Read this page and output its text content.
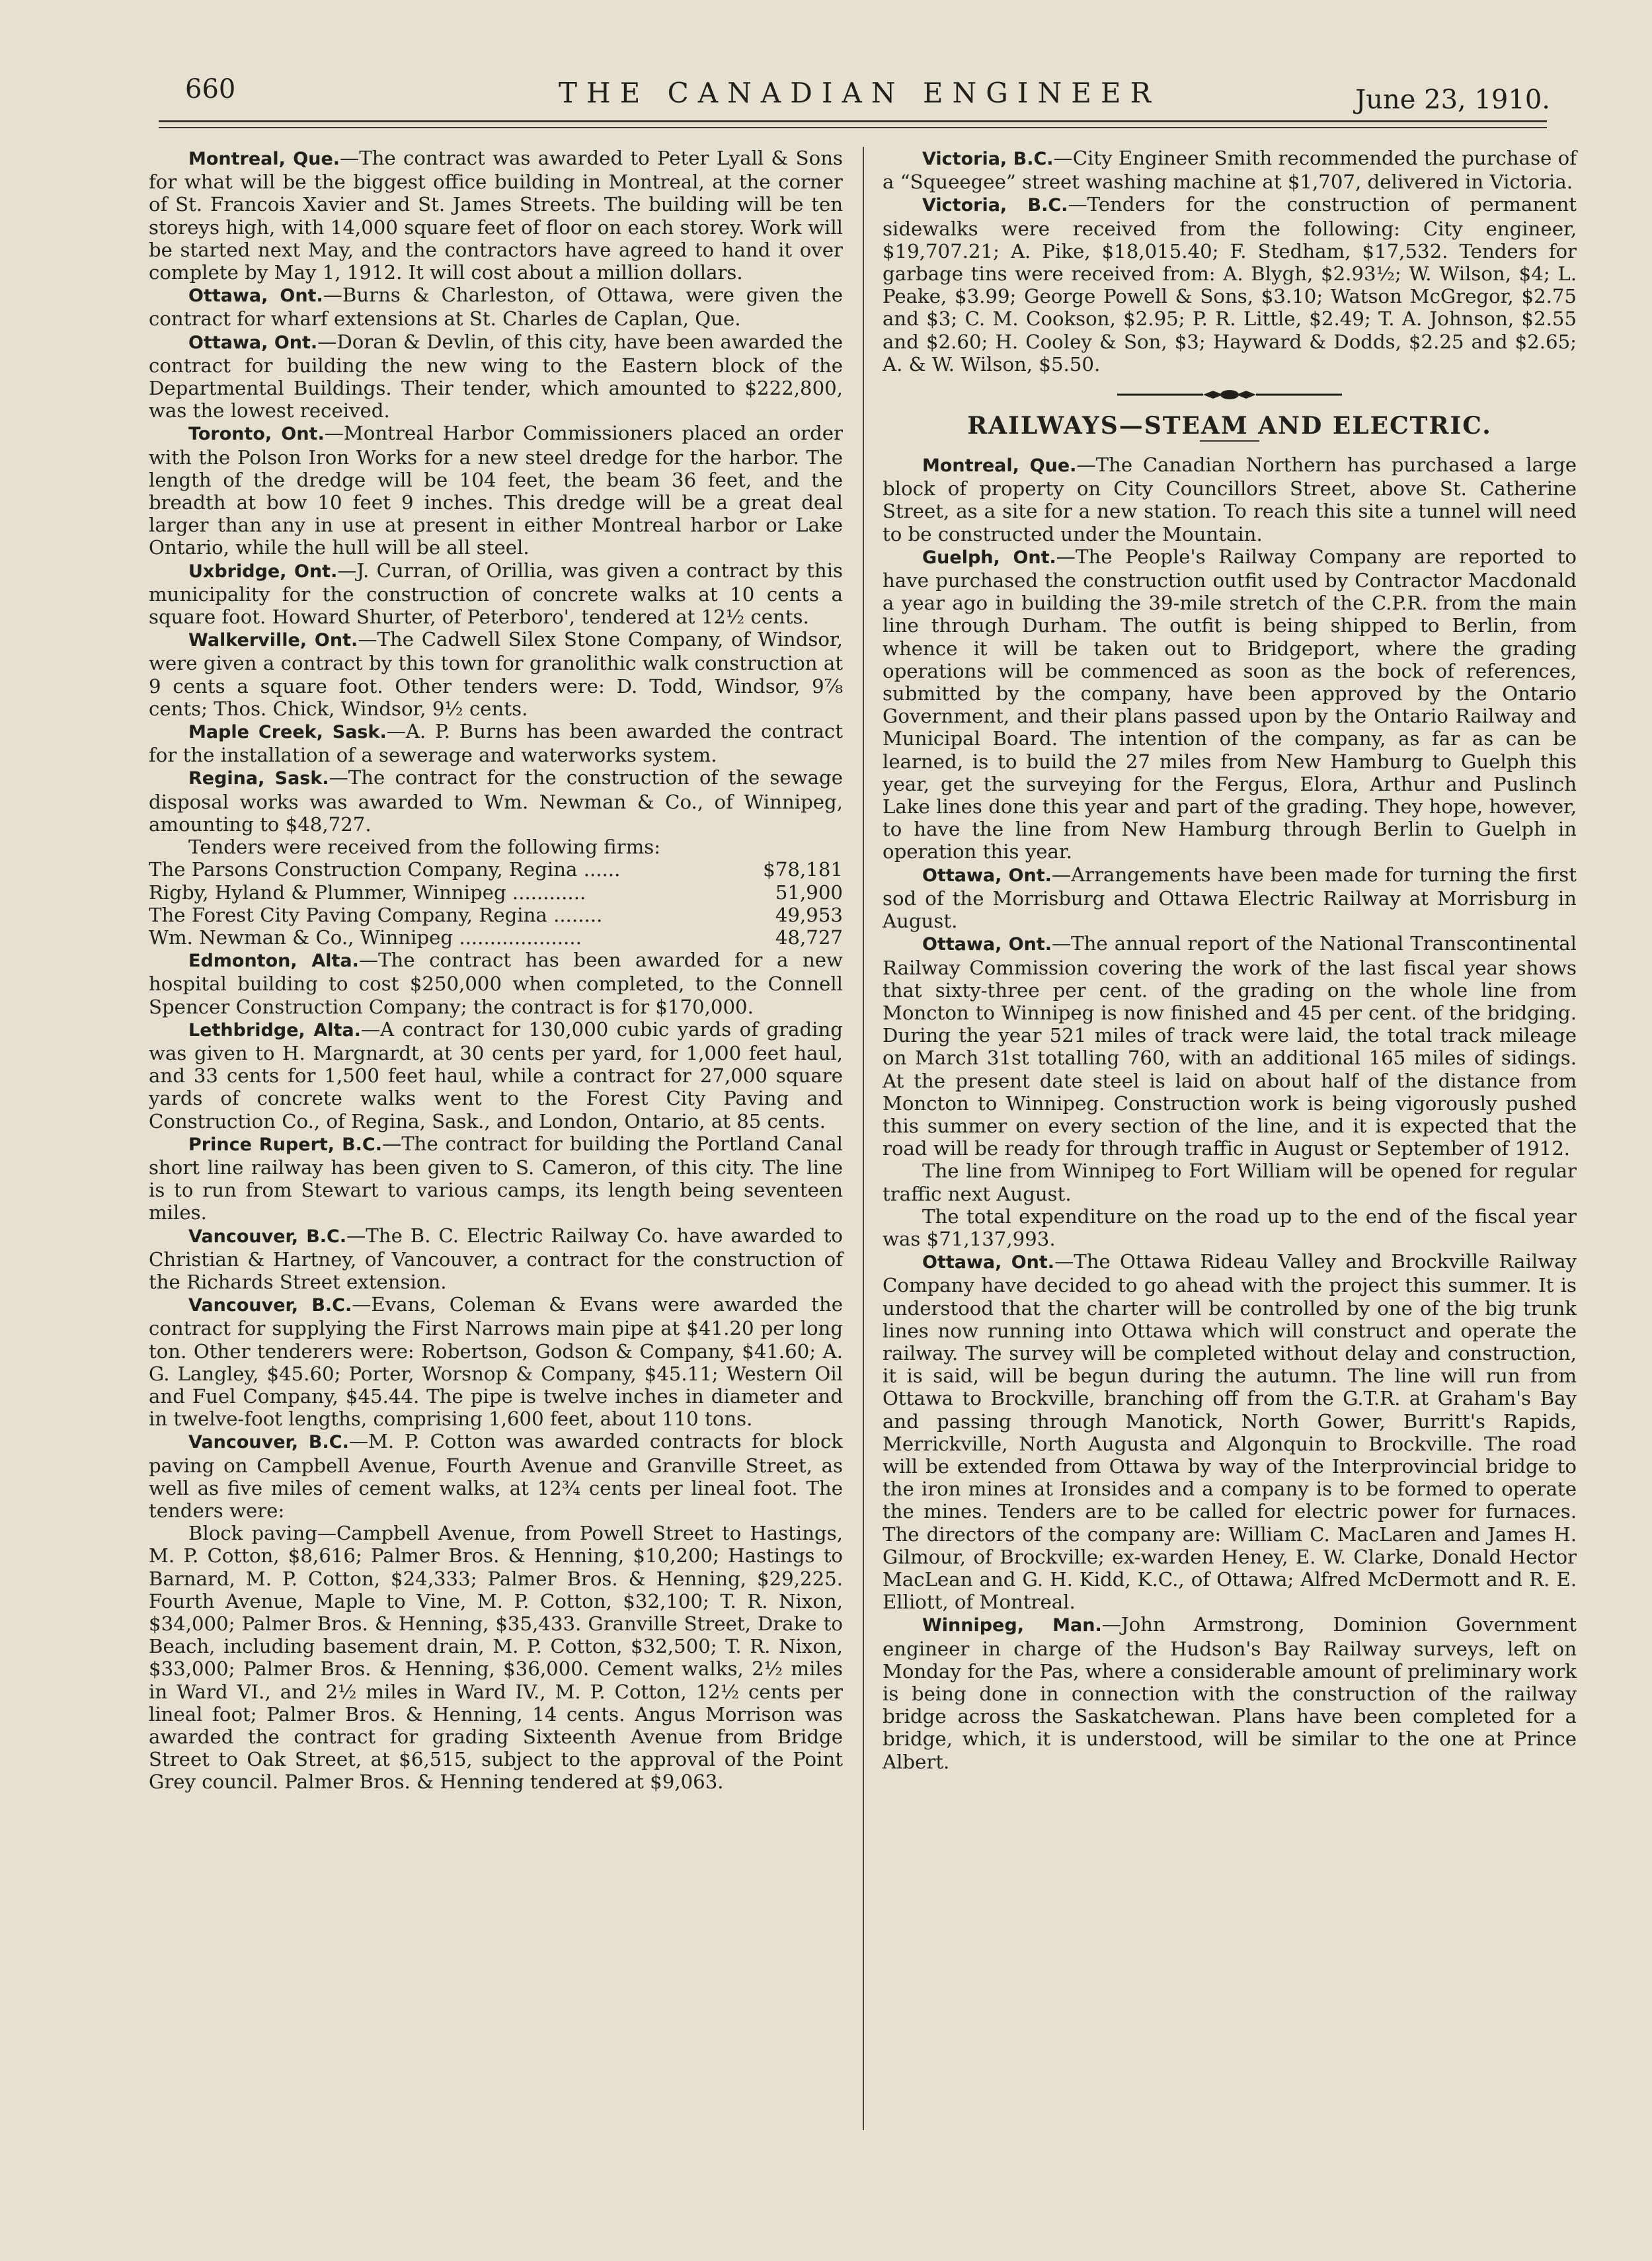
660	THE CANADIAN ENGINEER	June 23, 1910.

Montreal, Que.—The contract was awarded to Peter Lyall & Sons for what will be the biggest office building in Montreal, at the corner of St. Francois Xavier and St. James Streets. The building will be ten storeys high, with 14,000 square feet of floor on each storey. Work will be started next May, and the contractors have agreed to hand it over complete by May 1, 1912. It will cost about a million dollars.

Ottawa, Ont.—Burns & Charleston, of Ottawa, were given the contract for wharf extensions at St. Charles de Caplan, Que.

Ottawa, Ont.—Doran & Devlin, of this city, have been awarded the contract for building the new wing to the Eastern block of the Departmental Buildings. Their tender, which amounted to $222,800, was the lowest received.

Toronto, Ont.—Montreal Harbor Commissioners placed an order with the Polson Iron Works for a new steel dredge for the harbor. The length of the dredge will be 104 feet, the beam 36 feet, and the breadth at bow 10 feet 9 inches. This dredge will be a great deal larger than any in use at present in either Montreal harbor or Lake Ontario, while the hull will be all steel.

Uxbridge, Ont.—J. Curran, of Orillia, was given a contract by this municipality for the construction of concrete walks at 10 cents a square foot. Howard Shurter, of Peterboro', tendered at 12½ cents.

Walkerville, Ont.—The Cadwell Silex Stone Company, of Windsor, were given a contract by this town for granolithic walk construction at 9 cents a square foot. Other tenders were: D. Todd, Windsor, 9⅞ cents; Thos. Chick, Windsor, 9½ cents.

Maple Creek, Sask.—A. P. Burns has been awarded the contract for the installation of a sewerage and waterworks system.

Regina, Sask.—The contract for the construction of the sewage disposal works was awarded to Wm. Newman & Co., of Winnipeg, amounting to $48,727.

Tenders were received from the following firms:

The Parsons Construction Company, Regina ......	$78,181

Rigby, Hyland & Plummer, Winnipeg ............	51,900

The Forest City Paving Company, Regina ........	49,953

Wm. Newman & Co., Winnipeg ....................	48,727

Edmonton, Alta.—The contract has been awarded for a new hospital building to cost $250,000 when completed, to the Connell Spencer Construction Company; the contract is for $170,000.

Lethbridge, Alta.—A contract for 130,000 cubic yards of grading was given to H. Margnardt, at 30 cents per yard, for 1,000 feet haul, and 33 cents for 1,500 feet haul, while a contract for 27,000 square yards of concrete walks went to the Forest City Paving and Construction Co., of Regina, Sask., and London, Ontario, at 85 cents.

Prince Rupert, B.C.—The contract for building the Portland Canal short line railway has been given to S. Cameron, of this city. The line is to run from Stewart to various camps, its length being seventeen miles.

Vancouver, B.C.—The B. C. Electric Railway Co. have awarded to Christian & Hartney, of Vancouver, a contract for the construction of the Richards Street extension.

Vancouver, B.C.—Evans, Coleman & Evans were awarded the contract for supplying the First Narrows main pipe at $41.20 per long ton. Other tenderers were: Robertson, Godson & Company, $41.60; A. G. Langley, $45.60; Porter, Worsnop & Company, $45.11; Western Oil and Fuel Company, $45.44. The pipe is twelve inches in diameter and in twelve-foot lengths, comprising 1,600 feet, about 110 tons.

Vancouver, B.C.—M. P. Cotton was awarded contracts for block paving on Campbell Avenue, Fourth Avenue and Granville Street, as well as five miles of cement walks, at 12¾ cents per lineal foot. The tenders were:

Block paving—Campbell Avenue, from Powell Street to Hastings, M. P. Cotton, $8,616; Palmer Bros. & Henning, $10,200; Hastings to Barnard, M. P. Cotton, $24,333; Palmer Bros. & Henning, $29,225. Fourth Avenue, Maple to Vine, M. P. Cotton, $32,100; T. R. Nixon, $34,000; Palmer Bros. & Henning, $35,433. Granville Street, Drake to Beach, including basement drain, M. P. Cotton, $32,500; T. R. Nixon, $33,000; Palmer Bros. & Henning, $36,000. Cement walks, 2½ miles in Ward VI., and 2½ miles in Ward IV., M. P. Cotton, 12½ cents per lineal foot; Palmer Bros. & Henning, 14 cents. Angus Morrison was awarded the contract for grading Sixteenth Avenue from Bridge Street to Oak Street, at $6,515, subject to the approval of the Point Grey council. Palmer Bros. & Henning tendered at $9,063.

Victoria, B.C.—City Engineer Smith recommended the purchase of a “Squeegee” street washing machine at $1,707, delivered in Victoria.

Victoria, B.C.—Tenders for the construction of permanent sidewalks were received from the following: City engineer, $19,707.21; A. Pike, $18,015.40; F. Stedham, $17,532. Tenders for garbage tins were received from: A. Blygh, $2.93½; W. Wilson, $4; L. Peake, $3.99; George Powell & Sons, $3.10; Watson McGregor, $2.75 and $3; C. M. Cookson, $2.95; P. R. Little, $2.49; T. A. Johnson, $2.55 and $2.60; H. Cooley & Son, $3; Hayward & Dodds, $2.25 and $2.65; A. & W. Wilson, $5.50.

RAILWAYS—STEAM AND ELECTRIC.

Montreal, Que.—The Canadian Northern has purchased a large block of property on City Councillors Street, above St. Catherine Street, as a site for a new station. To reach this site a tunnel will need to be constructed under the Mountain.

Guelph, Ont.—The People's Railway Company are reported to have purchased the construction outfit used by Contractor Macdonald a year ago in building the 39-mile stretch of the C.P.R. from the main line through Durham. The outfit is being shipped to Berlin, from whence it will be taken out to Bridgeport, where the grading operations will be commenced as soon as the bock of references, submitted by the company, have been approved by the Ontario Government, and their plans passed upon by the Ontario Railway and Municipal Board. The intention of the company, as far as can be learned, is to build the 27 miles from New Hamburg to Guelph this year, get the surveying for the Fergus, Elora, Arthur and Puslinch Lake lines done this year and part of the grading. They hope, however, to have the line from New Hamburg through Berlin to Guelph in operation this year.

Ottawa, Ont.—Arrangements have been made for turning the first sod of the Morrisburg and Ottawa Electric Railway at Morrisburg in August.

Ottawa, Ont.—The annual report of the National Transcontinental Railway Commission covering the work of the last fiscal year shows that sixty-three per cent. of the grading on the whole line from Moncton to Winnipeg is now finished and 45 per cent. of the bridging. During the year 521 miles of track were laid, the total track mileage on March 31st totalling 760, with an additional 165 miles of sidings. At the present date steel is laid on about half of the distance from Moncton to Winnipeg. Construction work is being vigorously pushed this summer on every section of the line, and it is expected that the road will be ready for through traffic in August or September of 1912.

The line from Winnipeg to Fort William will be opened for regular traffic next August.

The total expenditure on the road up to the end of the fiscal year was $71,137,993.

Ottawa, Ont.—The Ottawa Rideau Valley and Brockville Railway Company have decided to go ahead with the project this summer. It is understood that the charter will be controlled by one of the big trunk lines now running into Ottawa which will construct and operate the railway. The survey will be completed without delay and construction, it is said, will be begun during the autumn. The line will run from Ottawa to Brockville, branching off from the G.T.R. at Graham's Bay and passing through Manotick, North Gower, Burritt's Rapids, Merrickville, North Augusta and Algonquin to Brockville. The road will be extended from Ottawa by way of the Interprovincial bridge to the iron mines at Ironsides and a company is to be formed to operate the mines. Tenders are to be called for electric power for furnaces. The directors of the company are: William C. MacLaren and James H. Gilmour, of Brockville; ex-warden Heney, E. W. Clarke, Donald Hector MacLean and G. H. Kidd, K.C., of Ottawa; Alfred McDermott and R. E. Elliott, of Montreal.

Winnipeg, Man.—John Armstrong, Dominion Government engineer in charge of the Hudson's Bay Railway surveys, left on Monday for the Pas, where a considerable amount of preliminary work is being done in connection with the construction of the railway bridge across the Saskatchewan. Plans have been completed for a bridge, which, it is understood, will be similar to the one at Prince Albert.
